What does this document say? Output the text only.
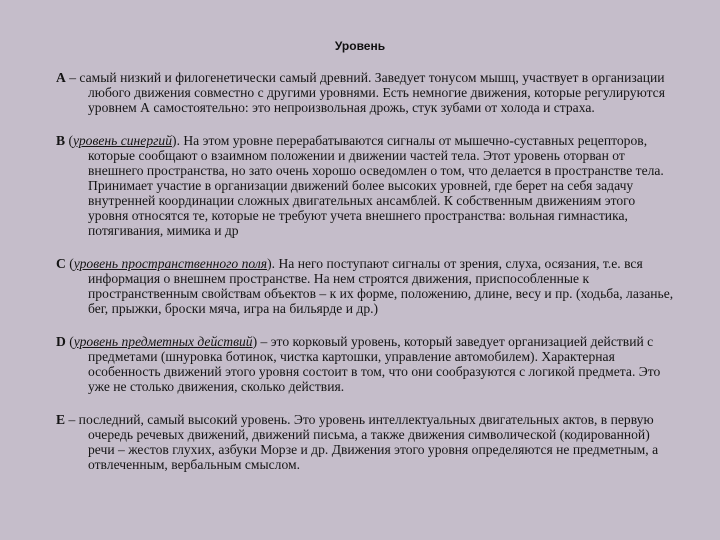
Уровень

A – самый низкий и филогенетически самый древний. Заведует тонусом мышц, участвует в организации любого движения совместно с другими уровнями. Есть немногие движения, которые регулируются уровнем А самостоятельно: это непроизвольная дрожь, стук зубами от холода и страха.

B (уровень синергий). На этом уровне перерабатываются сигналы от мышечно-суставных рецепторов, которые сообщают о взаимном положении и движении частей тела. Этот уровень оторван от внешнего пространства, но зато очень хорошо осведомлен о том, что делается в пространстве тела. Принимает участие в организации движений более высоких уровней, где берет на себя задачу внутренней координации сложных двигательных ансамблей. К собственным движениям этого уровня относятся те, которые не требуют учета внешнего пространства: вольная гимнастика, потягивания, мимика и др

C (уровень пространственного поля). На него поступают сигналы от зрения, слуха, осязания, т.е. вся информация о внешнем пространстве. На нем строятся движения, приспособленные к пространственным свойствам объектов – к их форме, положению, длине, весу и пр. (ходьба, лазанье, бег, прыжки, броски мяча, игра на бильярде и др.)

D (уровень предметных действий) – это корковый уровень, который заведует организацией действий с предметами (шнуровка ботинок, чистка картошки, управление автомобилем). Характерная особенность движений этого уровня состоит в том, что они сообразуются с логикой предмета. Это уже не столько движения, сколько действия.

E – последний, самый высокий уровень. Это уровень интеллектуальных двигательных актов, в первую очередь речевых движений, движений письма, а также движения символической (кодированной) речи – жестов глухих, азбуки Морзе и др. Движения этого уровня определяются не предметным, а отвлеченным, вербальным смыслом.
